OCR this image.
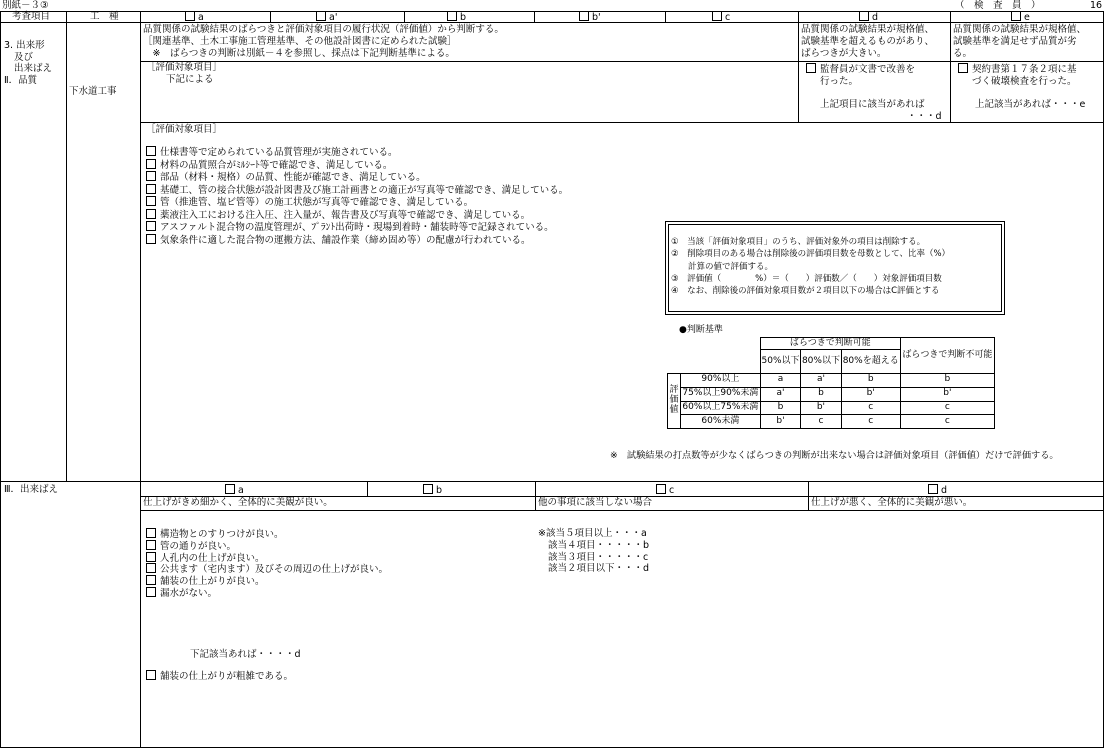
別紙－３③	（　検　査　員　）	16
考査項目	工　種	a	a'	b	b'	c	d	e
3. 出来形
及び
出来ばえ
Ⅱ．品質
下水道工事
Ⅲ．出来ばえ
品質関係の試験結果のばらつきと評価対象項目の履行状況（評価値）から判断する。
［関連基準、土木工事施工管理基準、その他設計図書に定められた試験］
　※　ばらつきの判断は別紙－４を参照し、採点は下記判断基準による。
［評価対象項目］
下記による
品質関係の試験結果が規格値、
試験基準を超えるものがあり、
ばらつきが大きい。
監督員が文書で改善を
行った。
上記項目に該当があれば
・・・d
品質関係の試験結果が規格値、
試験基準を満足せず品質が劣
る。
契約書第１７条２項に基
づく破壊検査を行った。
上記該当があれば・・・e
［評価対象項目］
仕様書等で定められている品質管理が実施されている。
材料の品質照合がﾐﾙｼｰﾄ等で確認でき、満足している。
部品（材料・規格）の品質、性能が確認でき、満足している。
基礎工、管の接合状態が設計図書及び施工計画書との適正が写真等で確認でき、満足している。
管（推進管、塩ビ管等）の施工状態が写真等で確認でき、満足している。
薬液注入工における注入圧、注入量が、報告書及び写真等で確認でき、満足している。
アスファルト混合物の温度管理が、ﾌﾟﾗﾝﾄ出荷時・現場到着時・舗装時等で記録されている。
気象条件に適した混合物の運搬方法、舗設作業（締め固め等）の配慮が行われている。	①　当該「評価対象項目」のうち、評価対象外の項目は削除する。
②　削除項目のある場合は削除後の評価項目数を母数として、比率（%）
　　計算の値で評価する。
③　評価値（　　　　%）＝（　　）評価数／（　　）対象評価項目数
④　なお、削除後の評価対象項目数が２項目以下の場合はC評価とする
●判断基準
		ばらつきで判断可能			ばらつきで判断不可能
		50%以下	80%以下	80%を超える	
評価値	90%以上	a	a'	b	b
	75%以上90%未満	a'	b	b'	b'
	60%以上75%未満	b	b'	c	c
	60%未満	b'	c	c	c
※　試験結果の打点数等が少なくばらつきの判断が出来ない場合は評価対象項目（評価値）だけで評価する。
a	b	c	d
仕上げがきめ細かく、全体的に美観が良い。	他の事項に該当しない場合	仕上げが悪く、全体的に美観が悪い。
構造物とのすりつけが良い。
管の通りが良い。
人孔内の仕上げが良い。
公共ます（宅内ます）及びその周辺の仕上げが良い。
舗装の仕上がりが良い。
漏水がない。
※該当５項目以上・・・a
該当４項目・・・・・b
該当３項目・・・・・c
該当２項目以下・・・d
下記該当あれば・・・・d
舗装の仕上がりが粗雑である。
